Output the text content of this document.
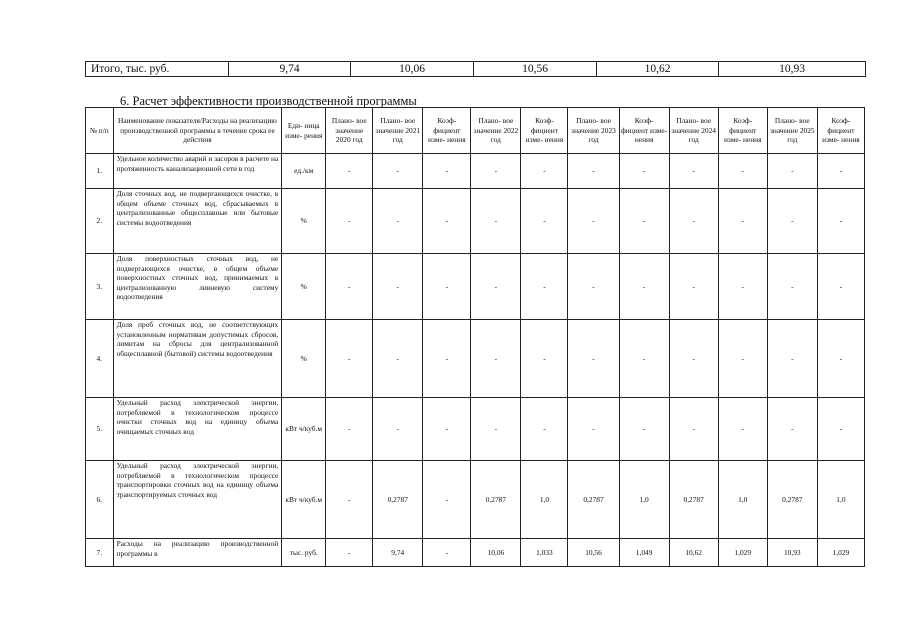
Итого, тыс. руб.	9,74	10,06	10,56	10,62	10,93
6. Расчет эффективности производственной программы
№ п/п	Наименование показателя/Расходы на реализацию производственной программы в течение срока ее действия	Еди- ница изме- рения	Плано- вое значение 2020 год	Плано- вое значение 2021 год	Коэф- фициент изме- нения	Плано- вое значение 2022 год	Коэф- фициент изме- нения	Плано- вое значение 2023 год	Коэф- фициент изме- нения	Плано- вое значение 2024 год	Коэф- фициент изме- нения	Плано- вое значение 2025 год	Коэф- фициент изме- нения
1.	Удельное количество аварий и засоров в расчете на протяженность канализационной сети в год	ед./км	-	-	-	-	-	-	-	-	-	-	-
2.	Доля сточных вод, не подвергающихся очистке, в общем объеме сточных вод, сбрасываемых в централизованные общесплавные или бытовые системы водоотведения	%	-	-	-	-	-	-	-	-	-	-	-
3.	Доля поверхностных сточных вод, не подвергающихся очистке, в общем объеме поверхностных сточных вод, принимаемых в централизованную ливневую систему водоотведения	%	-	-	-	-	-	-	-	-	-	-	-
4.	Доля проб сточных вод, не соответствующих установленным нормативам допустимых сбросов, лимитам на сбросы для централизованной общесплавной (бытовой) системы водоотведения	%	-	-	-	-	-	-	-	-	-	-	-
5.	Удельный расход электрической энергии, потребляемой в технологическом процессе очистки сточных вод на единицу объема очищаемых сточных вод	кВт ч/куб.м	-	-	-	-	-	-	-	-	-	-	-
6.	Удельный расход электрической энергии, потребляемой в технологическом процессе транспортировки сточных вод на единицу объема транспортируемых сточных вод	кВт ч/куб.м	-	0,2787	-	0,2787	1,0	0,2787	1,0	0,2787	1,0	0,2787	1,0
7.	Расходы на реализацию производственной программы в	тыс. руб.	-	9,74	-	10,06	1,033	10,56	1,049	10,62	1,029	10,93	1,029
